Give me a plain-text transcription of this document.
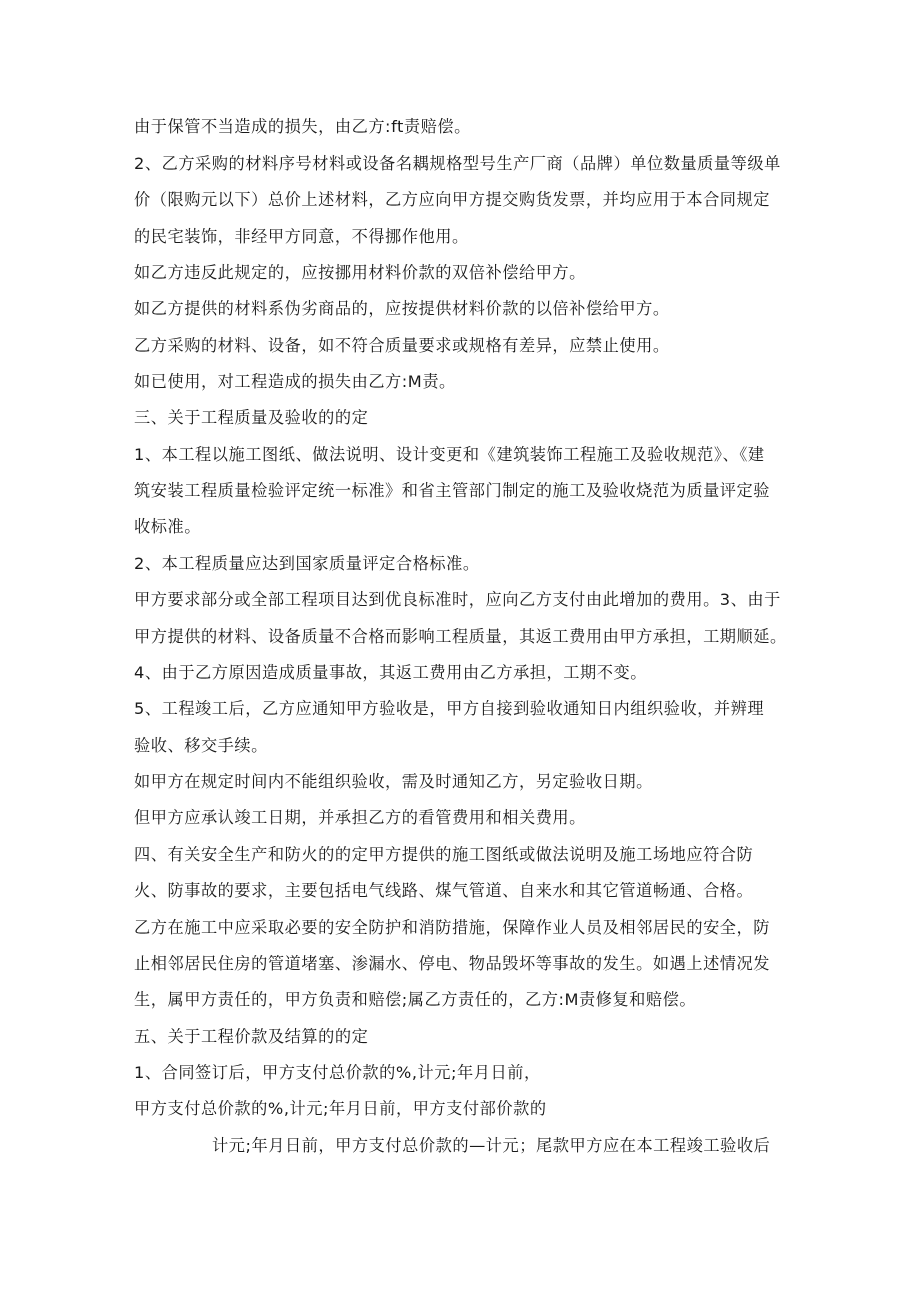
由于保管不当造成的损失，由乙方:ft责赔偿。
2、乙方采购的材料序号材料或设备名耦规格型号生产厂商（品牌）单位数量质量等级单
价（限购元以下）总价上述材料，乙方应向甲方提交购货发票，并均应用于本合同规定
的民宅装饰，非经甲方同意，不得挪作他用。
如乙方违反此规定的，应按挪用材料价款的双倍补偿给甲方。
如乙方提供的材料系伪劣商品的，应按提供材料价款的以倍补偿给甲方。
乙方采购的材料、设备，如不符合质量要求或规格有差异，应禁止使用。
如已使用，对工程造成的损失由乙方:M责。
三、关于工程质量及验收的的定
1、本工程以施工图纸、做法说明、设计变更和《建筑装饰工程施工及验收规范》、《建
筑安装工程质量检验评定统一标准》和省主管部门制定的施工及验收烧范为质量评定验
收标准。
2、本工程质量应达到国家质量评定合格标准。
甲方要求部分或全部工程项目达到优良标准时，应向乙方支付由此增加的费用。3、由于
甲方提供的材料、设备质量不合格而影响工程质量，其返工费用由甲方承担，工期顺延。
4、由于乙方原因造成质量事故，其返工费用由乙方承担，工期不变。
5、工程竣工后，乙方应通知甲方验收是，甲方自接到验收通知日内组织验收，并辨理
验收、移交手续。
如甲方在规定时间内不能组织验收，需及时通知乙方，另定验收日期。
但甲方应承认竣工日期，并承担乙方的看管费用和相关费用。
四、有关安全生产和防火的的定甲方提供的施工图纸或做法说明及施工场地应符合防
火、防事故的要求，主要包括电气线路、煤气管道、自来水和其它管道畅通、合格。
乙方在施工中应采取必要的安全防护和消防措施，保障作业人员及相邻居民的安全，防
止相邻居民住房的管道堵塞、渗漏水、停电、物品毁坏等事故的发生。如遇上述情况发
生，属甲方责任的，甲方负责和赔偿;属乙方责任的，乙方:M责修复和赔偿。
五、关于工程价款及结算的的定
1、合同签订后，甲方支付总价款的%,计元;年月日前，
甲方支付总价款的%,计元;年月日前，甲方支付部价款的
计元;年月日前，甲方支付总价款的—计元；尾款甲方应在本工程竣工验收后
